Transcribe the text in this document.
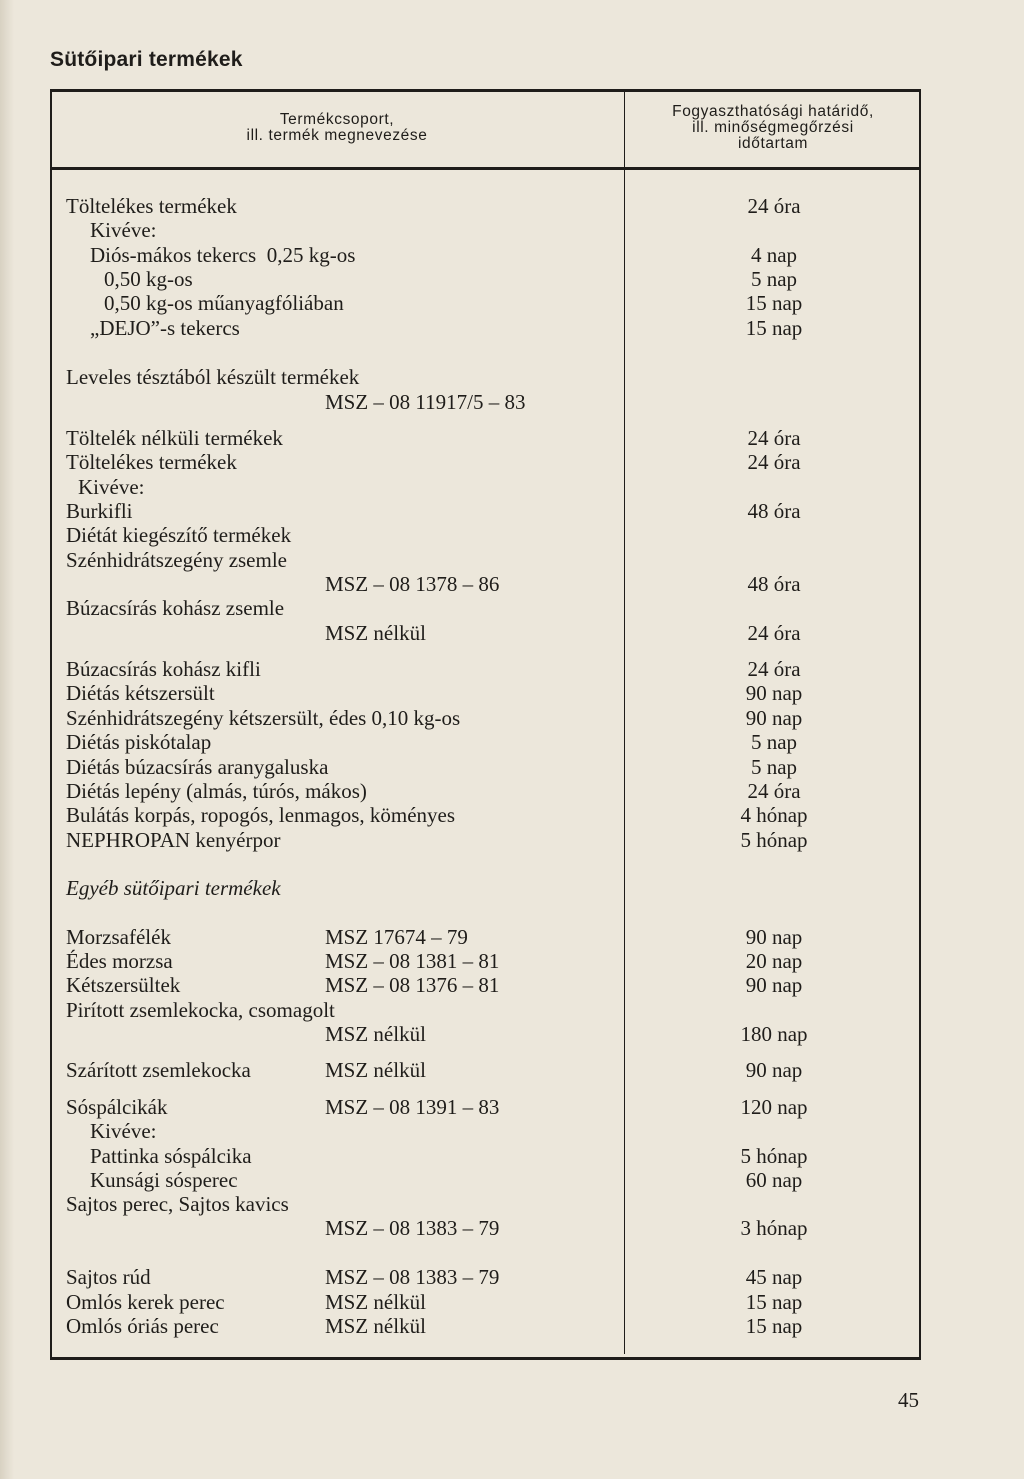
Sütőipari termékek
Termékcsoport,
ill. termék megnevezése
Fogyaszthatósági határidő,
ill. minőségmegőrzési
időtartam
Töltelékes termékek	24 óra
Kivéve:
Diós-mákos tekercs  0,25 kg-os	4 nap
0,50 kg-os	5 nap
0,50 kg-os műanyagfóliában	15 nap
„DEJO”-s tekercs	15 nap
Leveles tésztából készült termékek
MSZ – 08 11917/5 – 83
Töltelék nélküli termékek	24 óra
Töltelékes termékek	24 óra
Kivéve:
Burkifli	48 óra
Diétát kiegészítő termékek
Szénhidrátszegény zsemle
MSZ – 08 1378 – 86	48 óra
Búzacsírás kohász zsemle
MSZ nélkül	24 óra
Búzacsírás kohász kifli	24 óra
Diétás kétszersült	90 nap
Szénhidrátszegény kétszersült, édes 0,10 kg-os	90 nap
Diétás piskótalap	5 nap
Diétás búzacsírás aranygaluska	5 nap
Diétás lepény (almás, túrós, mákos)	24 óra
Bulátás korpás, ropogós, lenmagos, köményes	4 hónap
NEPHROPAN kenyérpor	5 hónap
Egyéb sütőipari termékek
Morzsafélék	MSZ 17674 – 79	90 nap
Édes morzsa	MSZ – 08 1381 – 81	20 nap
Kétszersültek	MSZ – 08 1376 – 81	90 nap
Pirított zsemlekocka, csomagolt
MSZ nélkül	180 nap
Szárított zsemlekocka	MSZ nélkül	90 nap
Sóspálcikák	MSZ – 08 1391 – 83	120 nap
Kivéve:
Pattinka sóspálcika	5 hónap
Kunsági sósperec	60 nap
Sajtos perec, Sajtos kavics
MSZ – 08 1383 – 79	3 hónap
Sajtos rúd	MSZ – 08 1383 – 79	45 nap
Omlós kerek perec	MSZ nélkül	15 nap
Omlós óriás perec	MSZ nélkül	15 nap
45
